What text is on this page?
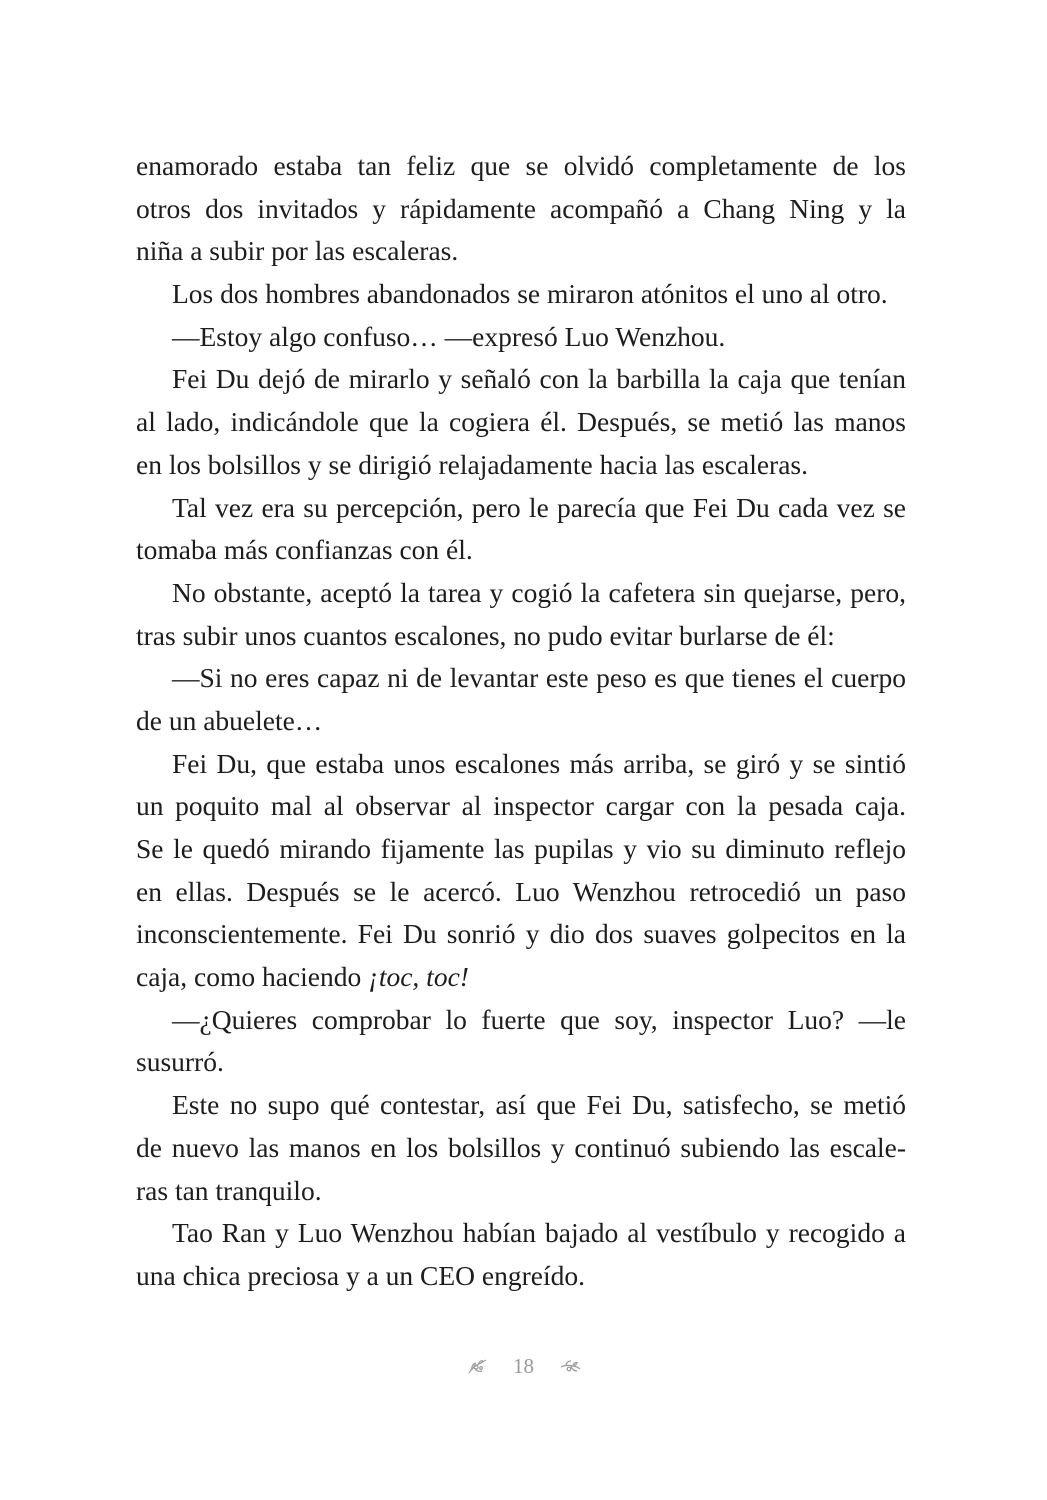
enamorado estaba tan feliz que se olvidó completamente de los
otros dos invitados y rápidamente acompañó a Chang Ning y la
niña a subir por las escaleras.
Los dos hombres abandonados se miraron atónitos el uno al otro.
—Estoy algo confuso… —expresó Luo Wenzhou.
Fei Du dejó de mirarlo y señaló con la barbilla la caja que tenían
al lado, indicándole que la cogiera él. Después, se metió las manos
en los bolsillos y se dirigió relajadamente hacia las escaleras.
Tal vez era su percepción, pero le parecía que Fei Du cada vez se
tomaba más confianzas con él.
No obstante, aceptó la tarea y cogió la cafetera sin quejarse, pero,
tras subir unos cuantos escalones, no pudo evitar burlarse de él:
—Si no eres capaz ni de levantar este peso es que tienes el cuerpo
de un abuelete…
Fei Du, que estaba unos escalones más arriba, se giró y se sintió
un poquito mal al observar al inspector cargar con la pesada caja.
Se le quedó mirando fijamente las pupilas y vio su diminuto reflejo
en ellas. Después se le acercó. Luo Wenzhou retrocedió un paso
inconscientemente. Fei Du sonrió y dio dos suaves golpecitos en la
caja, como haciendo ¡toc, toc!
—¿Quieres comprobar lo fuerte que soy, inspector Luo? —le
susurró.
Este no supo qué contestar, así que Fei Du, satisfecho, se metió
de nuevo las manos en los bolsillos y continuó subiendo las escale-
ras tan tranquilo.
Tao Ran y Luo Wenzhou habían bajado al vestíbulo y recogido a
una chica preciosa y a un CEO engreído.
18
